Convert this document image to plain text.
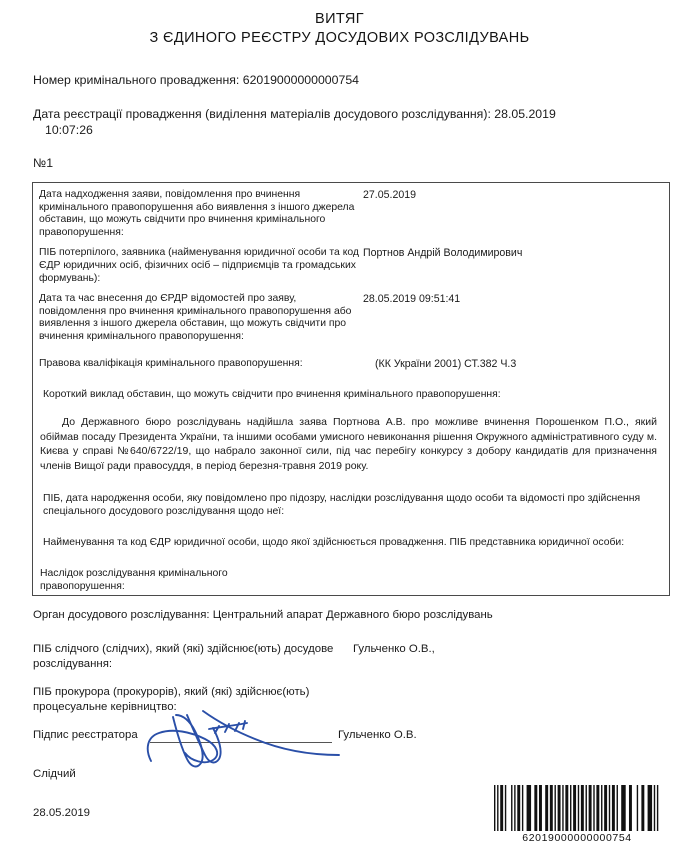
ВИТЯГ
З ЄДИНОГО РЕЄСТРУ ДОСУДОВИХ РОЗСЛІДУВАНЬ
Номер кримінального провадження: 62019000000000754
Дата реєстрації провадження (виділення матеріалів досудового розслідування): 28.05.2019
10:07:26
№1
Дата надходження заяви, повідомлення про вчинення кримінального правопорушення або виявлення з іншого джерела обставин, що можуть свідчити про вчинення кримінального правопорушення:
27.05.2019
ПІБ потерпілого, заявника (найменування юридичної особи та код ЄДР юридичних осіб, фізичних осіб – підприємців та громадських формувань):
Портнов Андрій Володимирович
Дата та час внесення до ЄРДР відомостей про заяву, повідомлення про вчинення кримінального правопорушення або виявлення з іншого джерела обставин, що можуть свідчити про вчинення кримінального правопорушення:
28.05.2019 09:51:41
Правова кваліфікація кримінального правопорушення:	(КК України 2001) СТ.382 Ч.3
Короткий виклад обставин, що можуть свідчити про вчинення кримінального правопорушення:
До Державного бюро розслідувань надійшла заява Портнова А.В. про можливе вчинення Порошенком П.О., який обіймав посаду Президента України, та іншими особами умисного невиконання рішення Окружного адміністративного суду м. Києва у справі №640/6722/19, що набрало законної сили, під час перебігу конкурсу з добору кандидатів для призначення членів Вищої ради правосуддя, в період березня-травня 2019 року.
ПІБ, дата народження особи, яку повідомлено про підозру, наслідки розслідування щодо особи та відомості про здійснення спеціального досудового розслідування щодо неї:
Найменування та код ЄДР юридичної особи, щодо якої здійснюється провадження. ПІБ представника юридичної особи:
Наслідок розслідування кримінального
правопорушення:
Орган досудового розслідування: Центральний апарат Державного бюро розслідувань
ПІБ слідчого (слідчих), який (які) здійснює(ють) досудове
розслідування:
Гульченко О.В.,
ПІБ прокурора (прокурорів), який (які) здійснює(ють)
процесуальне керівництво:
Підпис реєстратора	Гульченко О.В.
Слідчий
28.05.2019
62019000000000754
